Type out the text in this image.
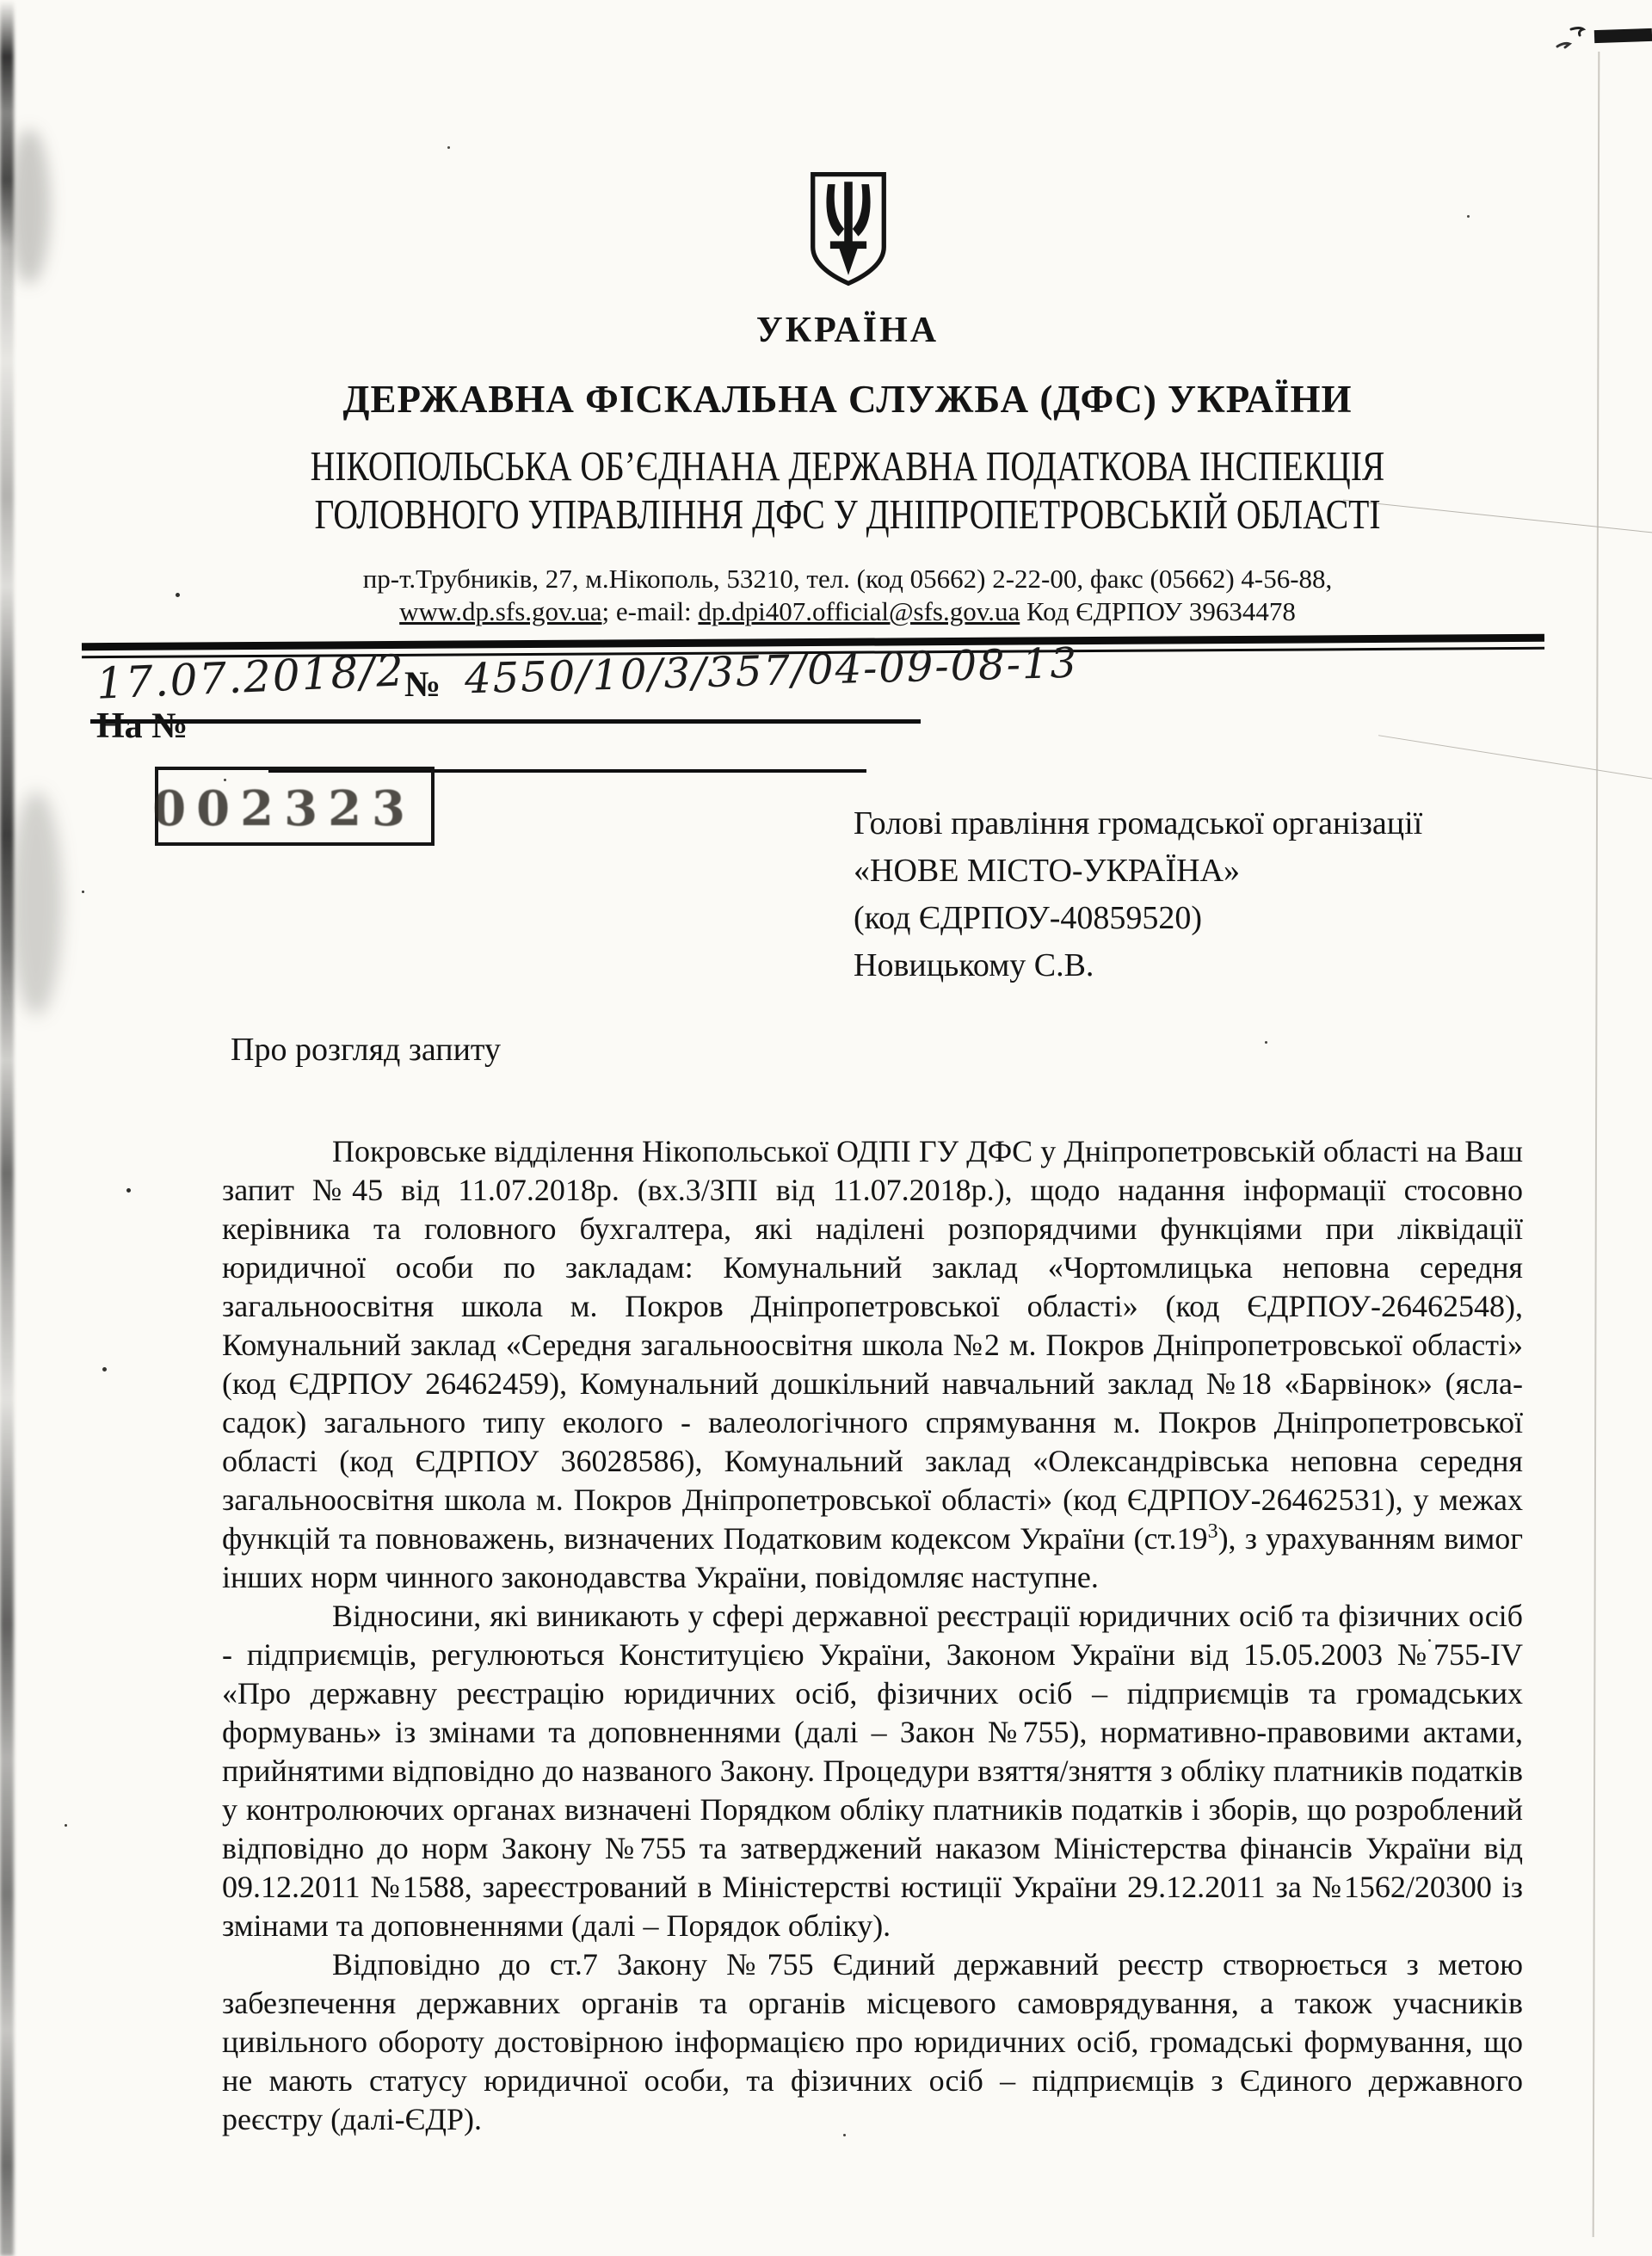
УКРАЇНА
ДЕРЖАВНА ФІСКАЛЬНА СЛУЖБА (ДФС) УКРАЇНИ
НІКОПОЛЬСЬКА ОБ’ЄДНАНА ДЕРЖАВНА ПОДАТКОВА ІНСПЕКЦІЯ
ГОЛОВНОГО УПРАВЛІННЯ ДФС У ДНІПРОПЕТРОВСЬКІЙ ОБЛАСТІ
пр-т.Трубників, 27, м.Нікополь, 53210, тел. (код 05662) 2-22-00, факс (05662) 4-56-88,
www.dp.sfs.gov.ua; e-mail: dp.dpi407.official@sfs.gov.ua Код ЄДРПОУ 39634478
17.07.2018/2
№ 4550/10/3/357/04-09-08-13
На №
002323	Голові правління громадської організації
«НОВЕ МІСТО-УКРАЇНА»
(код ЄДРПОУ-40859520)
Новицькому С.В.
Про розгляд запиту

Покровське відділення Нікопольської ОДПІ ГУ ДФС у Дніпропетровській області на Ваш запит №45 від 11.07.2018р. (вх.3/ЗПІ від 11.07.2018р.), щодо надання інформації стосовно керівника та головного бухгалтера, які наділені розпорядчими функціями при ліквідації юридичної особи по закладам: Комунальний заклад «Чортомлицька неповна середня загальноосвітня школа м. Покров Дніпропетровської області» (код ЄДРПОУ-26462548), Комунальний заклад «Середня загальноосвітня школа №2 м. Покров Дніпропетровської області» (код ЄДРПОУ 26462459), Комунальний дошкільний навчальний заклад №18 «Барвінок» (ясла-садок) загального типу еколого - валеологічного спрямування м. Покров Дніпропетровської області (код ЄДРПОУ 36028586), Комунальний заклад «Олександрівська неповна середня загальноосвітня школа м. Покров Дніпропетровської області» (код ЄДРПОУ-26462531), у межах функцій та повноважень, визначених Податковим кодексом України $(ст.19^3)$, з урахуванням вимог інших норм чинного законодавства України, повідомляє наступне.

Відносини, які виникають у сфері державної реєстрації юридичних осіб та фізичних осіб - підприємців, регулюються Конституцією України, Законом України від 15.05.2003 №755-IV «Про державну реєстрацію юридичних осіб, фізичних осіб – підприємців та громадських формувань» із змінами та доповненнями (далі – Закон №755), нормативно-правовими актами, прийнятими відповідно до названого Закону. Процедури взяття/зняття з обліку платників податків у контролюючих органах визначені Порядком обліку платників податків і зборів, що розроблений відповідно до норм Закону №755 та затверджений наказом Міністерства фінансів України від 09.12.2011 №1588, зареєстрований в Міністерстві юстиції України 29.12.2011 за №1562/20300 із змінами та доповненнями (далі – Порядок обліку).

Відповідно до ст.7 Закону №755 Єдиний державний реєстр створюється з метою забезпечення державних органів та органів місцевого самоврядування, а також учасників цивільного обороту достовірною інформацією про юридичних осіб, громадські формування, що не мають статусу юридичної особи, та фізичних осіб – підприємців з Єдиного державного реєстру (далі-ЄДР).
